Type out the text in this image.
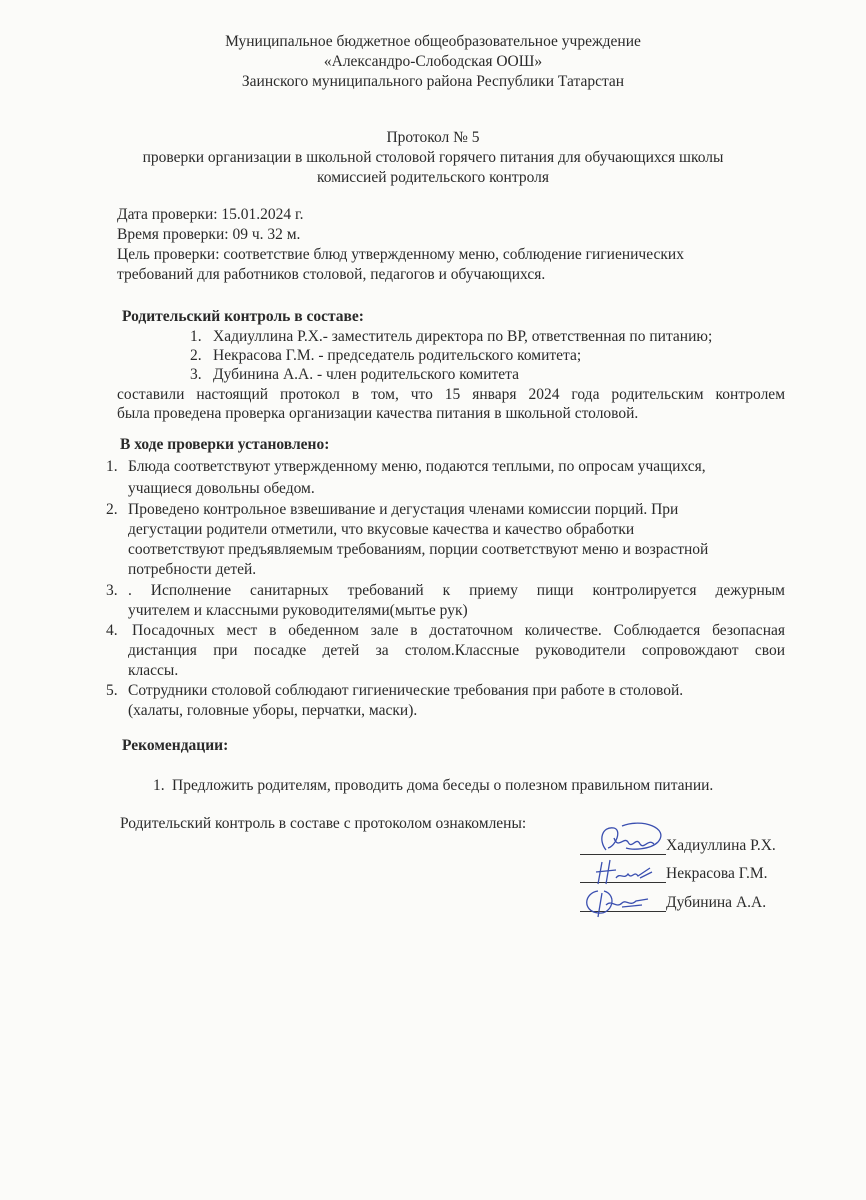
Муниципальное бюджетное общеобразовательное учреждение
«Александро-Слободская ООШ»
Заинского муниципального района Республики Татарстан
Протокол № 5
проверки организации в школьной столовой горячего питания для обучающихся школы
комиссией родительского контроля
Дата проверки: 15.01.2024 г.
Время проверки: 09 ч. 32 м.
Цель проверки: соответствие блюд утвержденному меню, соблюдение гигиенических
требований для работников столовой, педагогов и обучающихся.
Родительский контроль в составе:
1. Хадиуллина Р.Х.- заместитель директора по ВР, ответственная по питанию;
2. Некрасова Г.М. - председатель родительского комитета;
3. Дубинина А.А. - член родительского комитета
составили настоящий протокол в том, что 15 января 2024 года родительским контролем
была проведена проверка организации качества питания в школьной столовой.
В ходе проверки установлено:
1. Блюда соответствуют утвержденному меню, подаются теплыми, по опросам учащихся,
учащиеся довольны обедом.
2. Проведено контрольное взвешивание и дегустация членами комиссии порций. При
дегустации родители отметили, что вкусовые качества и качество обработки
соответствуют предъявляемым требованиям, порции соответствуют меню и возрастной
потребности детей.
3. . Исполнение санитарных требований к приему пищи контролируется дежурным
учителем и классными руководителями(мытье рук)
4. Посадочных мест в обеденном зале в достаточном количестве. Соблюдается безопасная
дистанция при посадке детей за столом.Классные руководители сопровождают свои
классы.
5. Сотрудники столовой соблюдают гигиенические требования при работе в столовой.
(халаты, головные уборы, перчатки, маски).
Рекомендации:
1. Предложить родителям, проводить дома беседы о полезном правильном питании.
Родительский контроль в составе с протоколом ознакомлены:
Хадиуллина Р.Х.
Некрасова Г.М.
Дубинина А.А.
